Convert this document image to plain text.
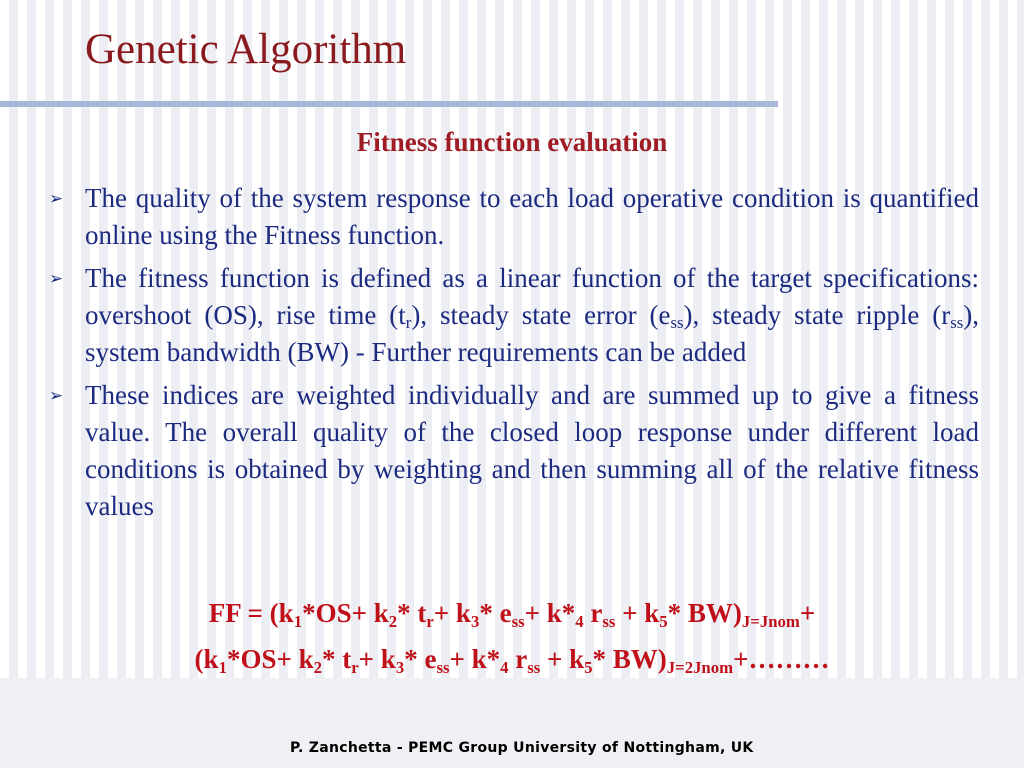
Genetic Algorithm
Fitness function evaluation
➢ The quality of the system response to each load operative condition is quantified online using the Fitness function.
➢ The fitness function is defined as a linear function of the target specifications: overshoot (OS), rise time $(t_r)$, steady state error $(e_{ss})$, steady state ripple $(r_{ss})$, system bandwidth (BW) - Further requirements can be added
➢ These indices are weighted individually and are summed up to give a fitness value. The overall quality of the closed loop response under different load conditions is obtained by weighting and then summing all of the relative fitness values
FF = ($k_1*OS+ k_2*$ $t_r+ k_3*$ $e_{ss}+ k*_4$ $r_{ss} + k_5*$ $BW)_{J=Jnom}+$
($k_1*OS+ k_2*$ $t_r+ k_3*$ $e_{ss}+ k*_4$ $r_{ss} + k_5*$ $BW)_{J=2Jnom}+\dots\dots\dots$

P. Zanchetta - PEMC Group University of Nottingham, UK
